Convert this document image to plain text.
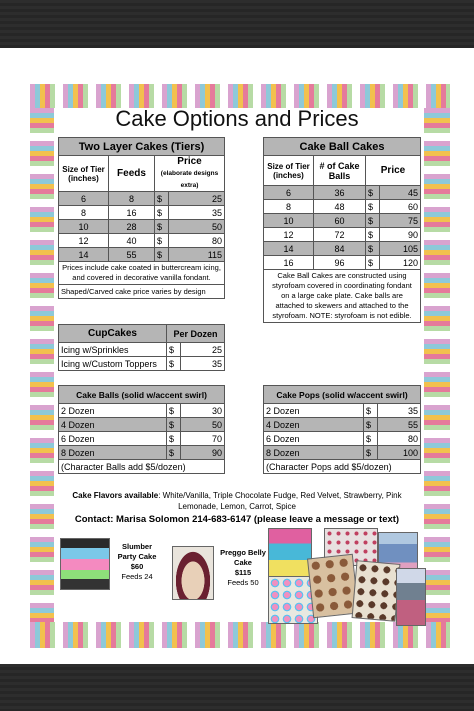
Cake Options and Prices
Two Layer Cakes (Tiers)			
Size of Tier (inches)	Feeds	Price
(elaborate designs extra)	
6	8	$	25
8	16	$	35
10	28	$	50
12	40	$	80
14	55	$	115
Prices include cake coated in buttercream icing, and covered in decorative vanilla fondant.			
Shaped/Carved cake price varies by design			
Cake Ball Cakes			
Size of Tier (inches)	# of Cake Balls	Price	
6	36	$	45
8	48	$	60
10	60	$	75
12	72	$	90
14	84	$	105
16	96	$	120
Cake Ball Cakes are constructed using styrofoam covered in coordinating fondant on a large cake plate. Cake balls are attached to skewers and attached to the styrofoam. NOTE: styrofoam is not edible.			
CupCakes	Per Dozen	
Icing w/Sprinkles	$	25
Icing w/Custom Toppers	$	35
Cake Balls (solid w/accent swirl)		
2 Dozen	$	30
4 Dozen	$	50
6 Dozen	$	70
8 Dozen	$	90
(Character Balls add $5/dozen)		
Cake Pops (solid w/accent swirl)		
2 Dozen	$	35
4 Dozen	$	55
6 Dozen	$	80
8 Dozen	$	100
(Character Pops add $5/dozen)		
Cake Flavors available: White/Vanilla, Triple Chocolate Fudge, Red Velvet, Strawberry, Pink Lemonade, Lemon, Carrot, Spice
Contact: Marisa Solomon 214-683-6147 (please leave a message or text)
Slumber Party Cake
$60
Feeds 24
Preggo Belly Cake
$115
Feeds 50
